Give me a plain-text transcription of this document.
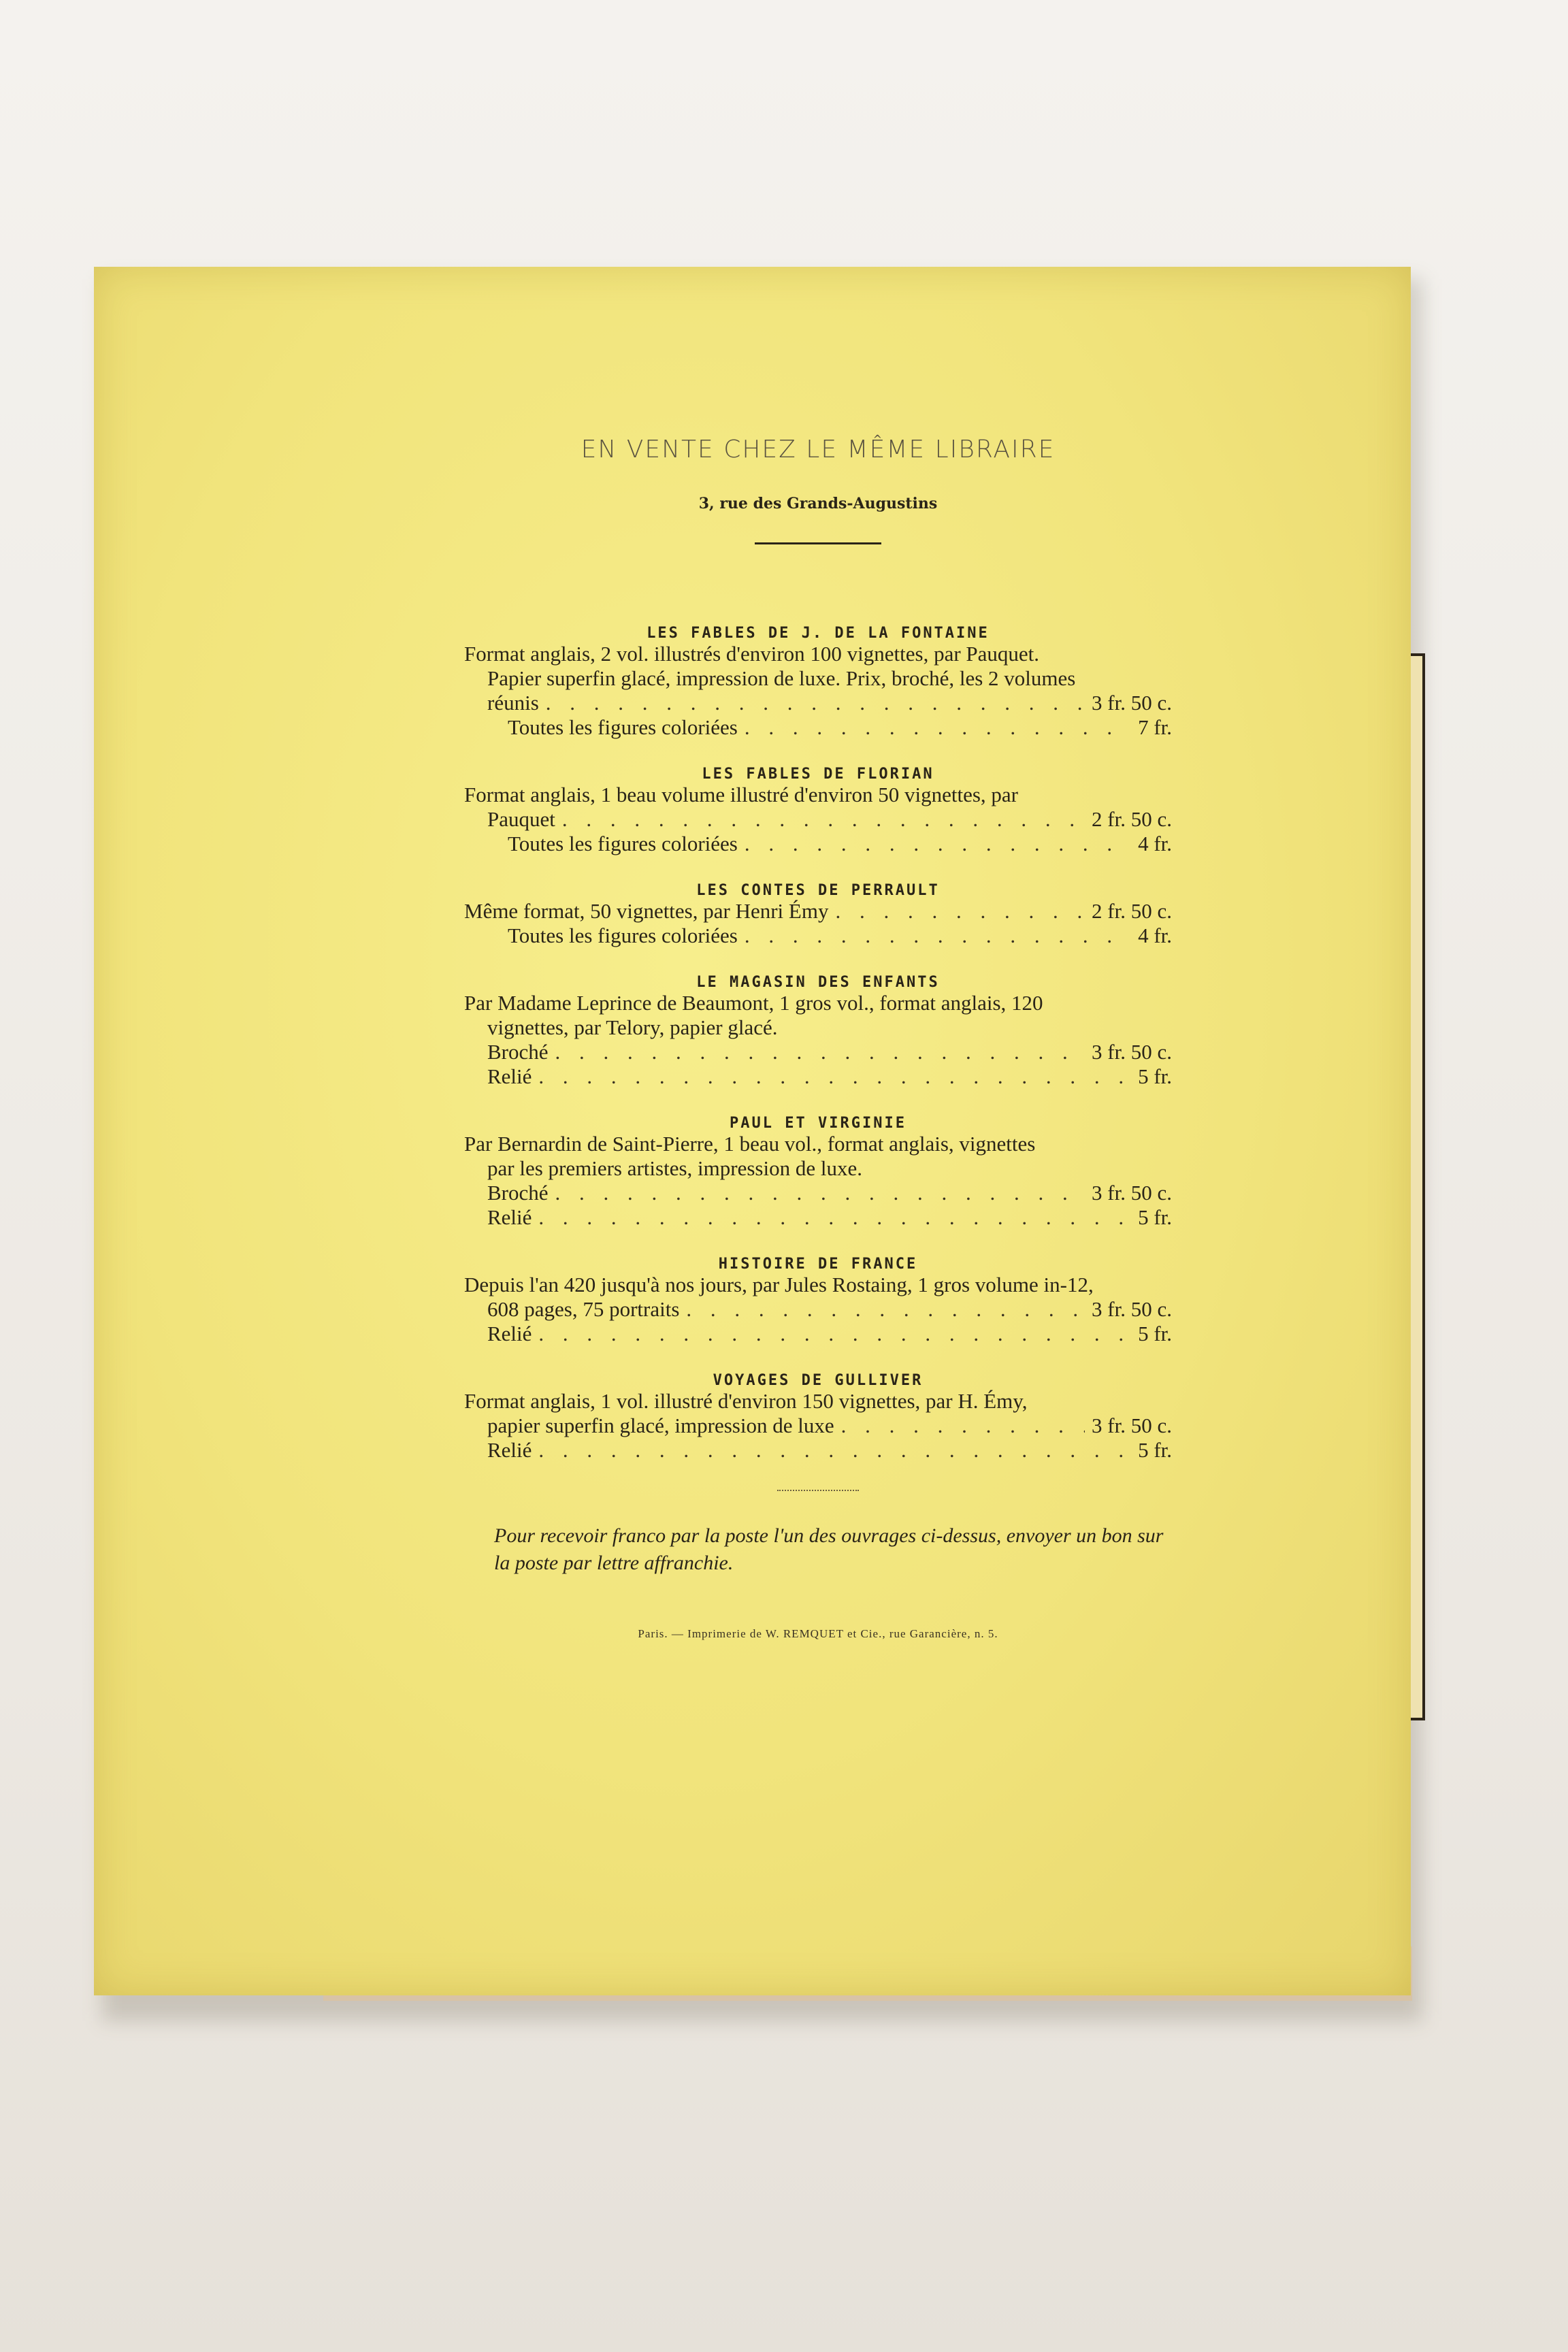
EN VENTE CHEZ LE MÊME LIBRAIRE

3, rue des Grands-Augustins

LES FABLES DE J. DE LA FONTAINE

Format anglais, 2 vol. illustrés d'environ 100 vignettes, par Pauquet.
Papier superfin glacé, impression de luxe. Prix, broché, les 2 volumes
réunis . . .	3 fr. 50 c.
Toutes les figures coloriées . . .	7 fr.

LES FABLES DE FLORIAN

Format anglais, 1 beau volume illustré d'environ 50 vignettes, par
Pauquet . . .	2 fr. 50 c.
Toutes les figures coloriées . . .	4 fr.

LES CONTES DE PERRAULT

Même format, 50 vignettes, par Henri Émy . . .	2 fr. 50 c.
Toutes les figures coloriées . . .	4 fr.

LE MAGASIN DES ENFANTS

Par Madame Leprince de Beaumont, 1 gros vol., format anglais, 120
vignettes, par Telory, papier glacé.
Broché . . .	3 fr. 50 c.
Relié . . .	5 fr.

PAUL ET VIRGINIE

Par Bernardin de Saint-Pierre, 1 beau vol., format anglais, vignettes
par les premiers artistes, impression de luxe.
Broché . . .	3 fr. 50 c.
Relié . . .	5 fr.

HISTOIRE DE FRANCE

Depuis l'an 420 jusqu'à nos jours, par Jules Rostaing, 1 gros volume in-12,
608 pages, 75 portraits . . .	3 fr. 50 c.
Relié . . .	5 fr.

VOYAGES DE GULLIVER

Format anglais, 1 vol. illustré d'environ 150 vignettes, par H. Émy,
papier superfin glacé, impression de luxe . . .	3 fr. 50 c.
Relié . . .	5 fr.

Pour recevoir franco par la poste l'un des ouvrages ci-dessus, envoyer un bon sur la poste par lettre affranchie.

Paris. — Imprimerie de W. REMQUET et Cie., rue Garancière, n. 5.
